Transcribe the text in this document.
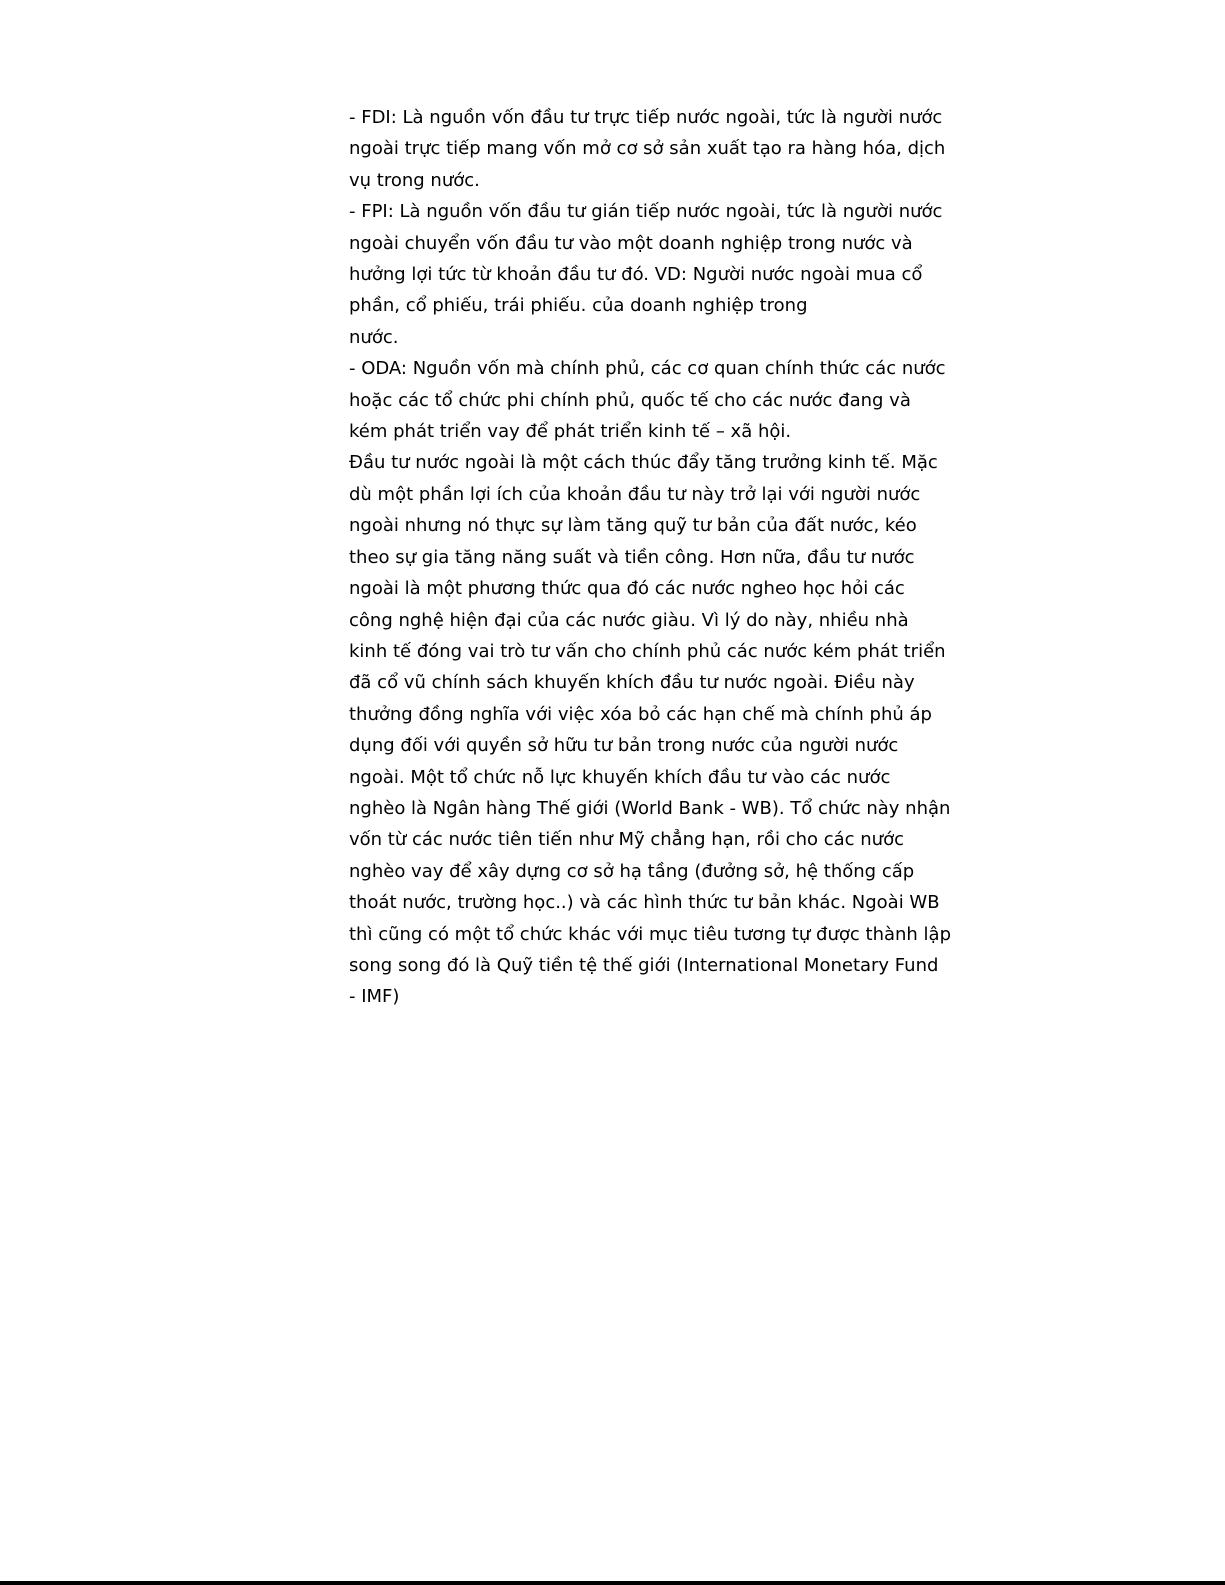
- FDI: Là nguồn vốn đầu tư trực tiếp nước ngoài, tức là người nước
ngoài trực tiếp mang vốn mở cơ sở sản xuất tạo ra hàng hóa, dịch
vụ trong nước.

- FPI: Là nguồn vốn đầu tư gián tiếp nước ngoài, tức là người nước
ngoài chuyển vốn đầu tư vào một doanh nghiệp trong nước và
hưởng lợi tức từ khoản đầu tư đó. VD: Người nước ngoài mua cổ
phần, cổ phiếu, trái phiếu. của doanh nghiệp trong
nước.

- ODA: Nguồn vốn mà chính phủ, các cơ quan chính thức các nước
hoặc các tổ chức phi chính phủ, quốc tế cho các nước đang và
kém phát triển vay để phát triển kinh tế – xã hội.

Đầu tư nước ngoài là một cách thúc đẩy tăng trưởng kinh tế. Mặc
dù một phần lợi ích của khoản đầu tư này trở lại với người nước
ngoài nhưng nó thực sự làm tăng quỹ tư bản của đất nước, kéo
theo sự gia tăng năng suất và tiền công. Hơn nữa, đầu tư nước
ngoài là một phương thức qua đó các nước ngheo học hỏi các
công nghệ hiện đại của các nước giàu. Vì lý do này, nhiều nhà
kinh tế đóng vai trò tư vấn cho chính phủ các nước kém phát triển
đã cổ vũ chính sách khuyến khích đầu tư nước ngoài. Điều này
thưởng đồng nghĩa với việc xóa bỏ các hạn chế mà chính phủ áp
dụng đối với quyền sở hữu tư bản trong nước của người nước
ngoài. Một tổ chức nỗ lực khuyến khích đầu tư vào các nước
nghèo là Ngân hàng Thế giới (World Bank - WB). Tổ chức này nhận
vốn từ các nước tiên tiến như Mỹ chẳng hạn, rồi cho các nước
nghèo vay để xây dựng cơ sở hạ tầng (đưởng sở, hệ thống cấp
thoát nước, trường học..) và các hình thức tư bản khác. Ngoài WB
thì cũng có một tổ chức khác với mục tiêu tương tự được thành lập
song song đó là Quỹ tiền tệ thế giới (International Monetary Fund
- IMF)
